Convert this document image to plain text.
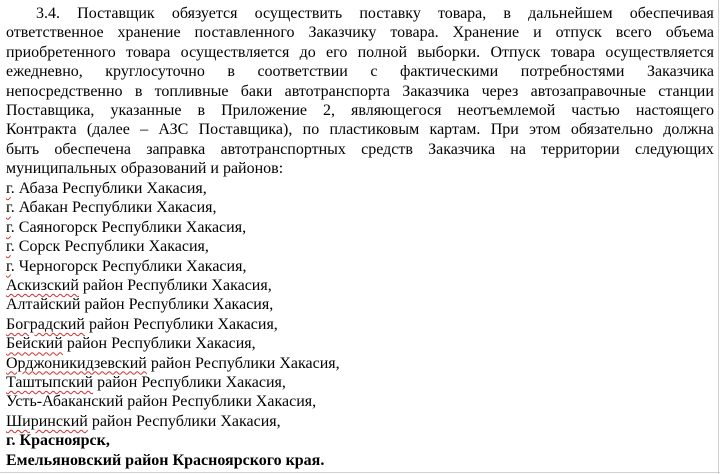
3.4. Поставщик обязуется осуществить поставку товара, в дальнейшем обеспечивая
ответственное хранение поставленного Заказчику товара. Хранение и отпуск всего объема
приобретенного товара осуществляется до его полной выборки. Отпуск товара осуществляется
ежедневно, круглосуточно в соответствии с фактическими потребностями Заказчика
непосредственно в топливные баки автотранспорта Заказчика через автозаправочные станции
Поставщика, указанные в Приложение 2, являющегося неотъемлемой частью настоящего
Контракта (далее – АЗС Поставщика), по пластиковым картам. При этом обязательно должна
быть обеспечена заправка автотранспортных средств Заказчика на территории следующих
муниципальных образований и районов:
г. Абаза Республики Хакасия,
г. Абакан Республики Хакасия,
г. Саяногорск Республики Хакасия,
г. Сорск Республики Хакасия,
г. Черногорск Республики Хакасия,
Аскизский район Республики Хакасия,
Алтайский район Республики Хакасия,
Боградский район Республики Хакасия,
Бейский район Республики Хакасия,
Орджоникидзевский район Республики Хакасия,
Таштыпский район Республики Хакасия,
Усть-Абаканский район Республики Хакасия,
Ширинский район Республики Хакасия,
г. Красноярск,
Емельяновский район Красноярского края.
